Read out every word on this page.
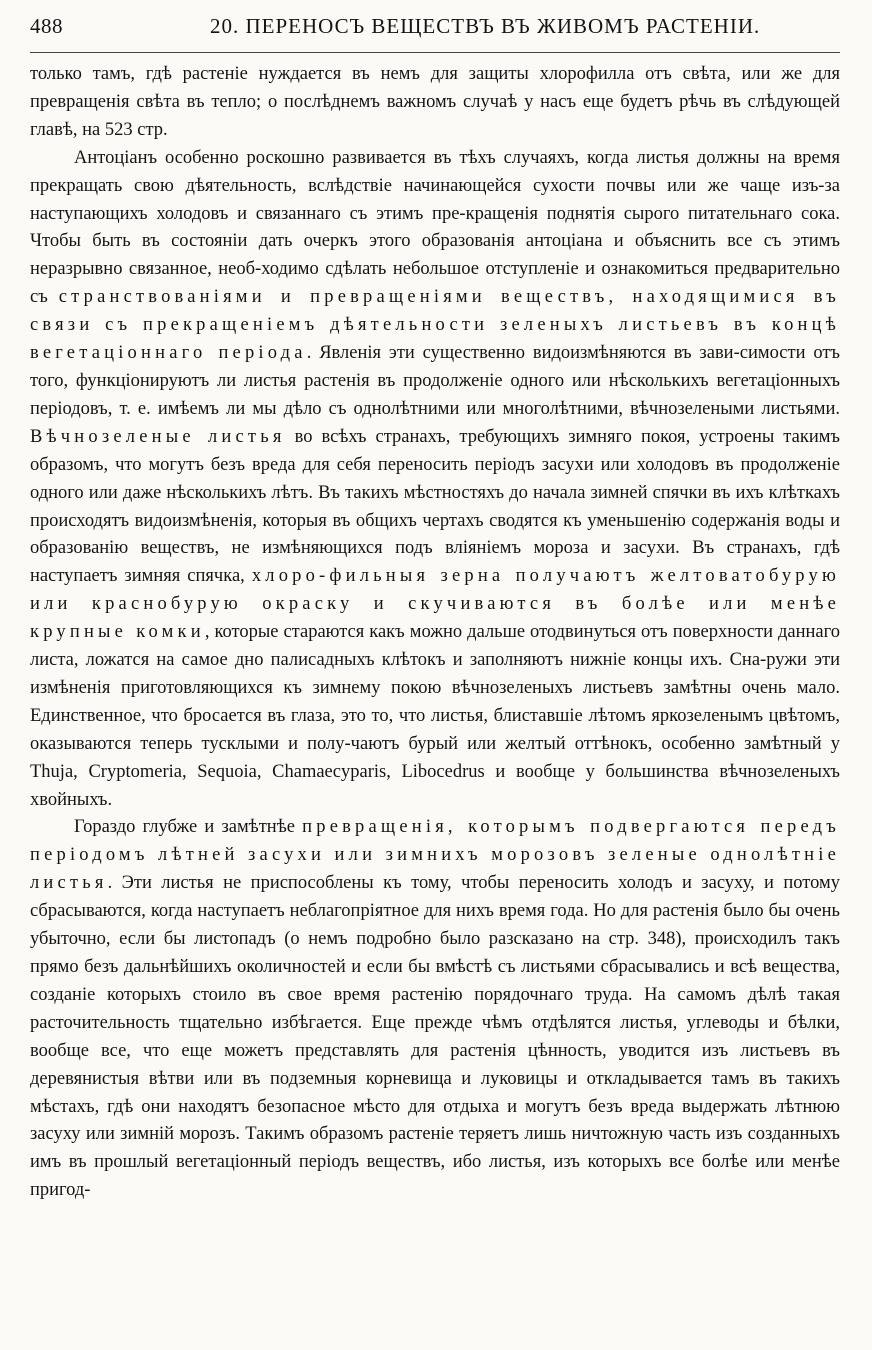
488	20. ПЕРЕНОСЪ ВЕЩЕСТВЪ ВЪ ЖИВОМЪ РАСТЕНІИ.

только тамъ, гдѣ растеніе нуждается въ немъ для защиты хлорофилла отъ свѣта, или же для превращенія свѣта въ тепло; о послѣднемъ важномъ случаѣ у насъ еще будетъ рѣчь въ слѣдующей главѣ, на 523 стр.

Антоціанъ особенно роскошно развивается въ тѣхъ случаяхъ, когда листья должны на время прекращать свою дѣятельность, вслѣдствіе начинающейся сухости почвы или же чаще изъ-за наступающихъ холодовъ и связаннаго съ этимъ пре-кращенія поднятія сырого питательнаго сока. Чтобы быть въ состояніи дать очеркъ этого образованія антоціана и объяснить все съ этимъ неразрывно связанное, необ-ходимо сдѣлать небольшое отступленіе и ознакомиться предварительно съ странствованіями и превращеніями веществъ, находящимися въ связи съ прекращеніемъ дѣятельности зеленыхъ листьевъ въ концѣ вегетаціоннаго періода. Явленія эти существенно видоизмѣняются въ зави-симости отъ того, функціонируютъ ли листья растенія въ продолженіе одного или нѣсколькихъ вегетаціонныхъ періодовъ, т. е. имѣемъ ли мы дѣло съ однолѣтними или многолѣтними, вѣчнозелеными листьями. Вѣчнозеленые листья во всѣхъ странахъ, требующихъ зимняго покоя, устроены такимъ образомъ, что могутъ безъ вреда для себя переносить періодъ засухи или холодовъ въ продолженіе одного или даже нѣсколькихъ лѣтъ. Въ такихъ мѣстностяхъ до начала зимней спячки въ ихъ клѣткахъ происходятъ видоизмѣненія, которыя въ общихъ чертахъ сводятся къ уменьшенію содержанія воды и образованію веществъ, не измѣняющихся подъ вліяніемъ мороза и засухи. Въ странахъ, гдѣ наступаетъ зимняя спячка, хлоро-фильныя зерна получаютъ желтоватобурую или краснобурую окраску и скучиваются въ болѣе или менѣе крупные комки, которые стараются какъ можно дальше отодвинуться отъ поверхности даннаго листа, ложатся на самое дно палисадныхъ клѣтокъ и заполняютъ нижніе концы ихъ. Сна-ружи эти измѣненія приготовляющихся къ зимнему покою вѣчнозеленыхъ листьевъ замѣтны очень мало. Единственное, что бросается въ глаза, это то, что листья, блиставшіе лѣтомъ яркозеленымъ цвѣтомъ, оказываются теперь тусклыми и полу-чаютъ бурый или желтый оттѣнокъ, особенно замѣтный у Thuja, Cryptomeria, Sequoia, Chamaecyparis, Libocedrus и вообще у большинства вѣчнозеленыхъ хвойныхъ.

Гораздо глубже и замѣтнѣе превращенія, которымъ подвергаются передъ періодомъ лѣтней засухи или зимнихъ морозовъ зеленые однолѣтніе листья. Эти листья не приспособлены къ тому, чтобы переносить холодъ и засуху, и потому сбрасываются, когда наступаетъ неблагопріятное для нихъ время года. Но для растенія было бы очень убыточно, если бы листопадъ (о немъ подробно было разсказано на стр. 348), происходилъ такъ прямо безъ дальнѣйшихъ околичностей и если бы вмѣстѣ съ листьями сбрасывались и всѣ вещества, созданіе которыхъ стоило въ свое время растенію порядочнаго труда. На самомъ дѣлѣ такая расточительность тщательно избѣгается. Еще прежде чѣмъ отдѣлятся листья, углеводы и бѣлки, вообще все, что еще можетъ представлять для растенія цѣнность, уводится изъ листьевъ въ деревянистыя вѣтви или въ подземныя корневища и луковицы и откладывается тамъ въ такихъ мѣстахъ, гдѣ они находятъ безопасное мѣсто для отдыха и могутъ безъ вреда выдержать лѣтнюю засуху или зимній морозъ. Такимъ образомъ растеніе теряетъ лишь ничтожную часть изъ созданныхъ имъ въ прошлый вегетаціонный періодъ веществъ, ибо листья, изъ которыхъ все болѣе или менѣе пригод-
